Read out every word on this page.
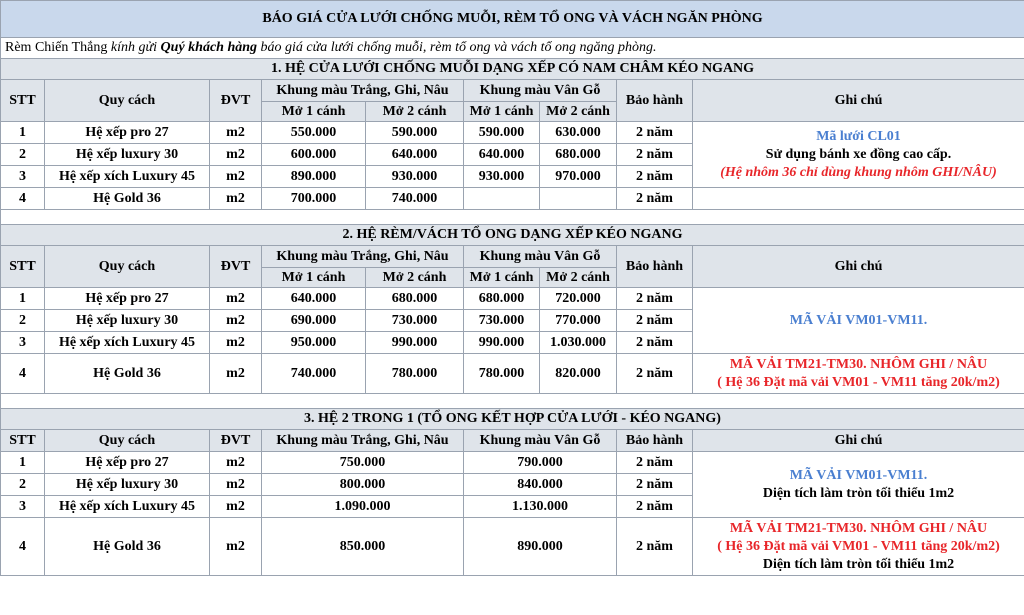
BÁO GIÁ CỬA LƯỚI CHỐNG MUỖI, RÈM TỔ ONG VÀ VÁCH NGĂN PHÒNG								
Rèm Chiến Thắng kính gửi Quý khách hàng báo giá cửa lưới chống muỗi, rèm tổ ong và vách tổ ong ngăng phòng.								
1. HỆ CỬA LƯỚI CHỐNG MUỖI DẠNG XẾP CÓ NAM CHÂM KÉO NGANG								
STT	Quy cách	ĐVT	Khung màu Trắng, Ghi, Nâu		Khung màu Vân Gỗ		Bảo hành	Ghi chú
			Mở 1 cánh	Mở 2 cánh	Mở 1 cánh	Mở 2 cánh		
1	Hệ xếp pro 27	m2	550.000	590.000	590.000	630.000	2 năm	Mã lưới CL01
Sử dụng bánh xe đồng cao cấp.
(Hệ nhôm 36 chỉ dùng khung nhôm GHI/NÂU)

2	Hệ xếp luxury 30	m2	600.000	640.000	640.000	680.000	2 năm	
3	Hệ xếp xích Luxury 45	m2	890.000	930.000	930.000	970.000	2 năm	
4	Hệ Gold 36	m2	700.000	740.000			2 năm	

2. HỆ RÈM/VÁCH TỔ ONG DẠNG XẾP KÉO NGANG								
STT	Quy cách	ĐVT	Khung màu Trắng, Ghi, Nâu		Khung màu Vân Gỗ		Bảo hành	Ghi chú
			Mở 1 cánh	Mở 2 cánh	Mở 1 cánh	Mở 2 cánh		
1	Hệ xếp pro 27	m2	640.000	680.000	680.000	720.000	2 năm	MÃ VẢI VM01-VM11.
2	Hệ xếp luxury 30	m2	690.000	730.000	730.000	770.000	2 năm	
3	Hệ xếp xích Luxury 45	m2	950.000	990.000	990.000	1.030.000	2 năm	
4	Hệ Gold 36	m2	740.000	780.000	780.000	820.000	2 năm	MÃ VẢI TM21-TM30. NHÔM GHI / NÂU
( Hệ 36 Đặt mã vải VM01 - VM11 tăng 20k/m2)

3. HỆ 2 TRONG 1 (TỔ ONG KẾT HỢP CỬA LƯỚI - KÉO NGANG)								
STT	Quy cách	ĐVT	Khung màu Trắng, Ghi, Nâu		Khung màu Vân Gỗ		Bảo hành	Ghi chú
1	Hệ xếp pro 27	m2	750.000		790.000		2 năm	MÃ VẢI VM01-VM11.
Diện tích làm tròn tối thiểu 1m2

2	Hệ xếp luxury 30	m2	800.000		840.000		2 năm	
3	Hệ xếp xích Luxury 45	m2	1.090.000		1.130.000		2 năm	
4	Hệ Gold 36	m2	850.000		890.000		2 năm	MÃ VẢI TM21-TM30. NHÔM GHI / NÂU
( Hệ 36 Đặt mã vải VM01 - VM11 tăng 20k/m2)
Diện tích làm tròn tối thiểu 1m2
